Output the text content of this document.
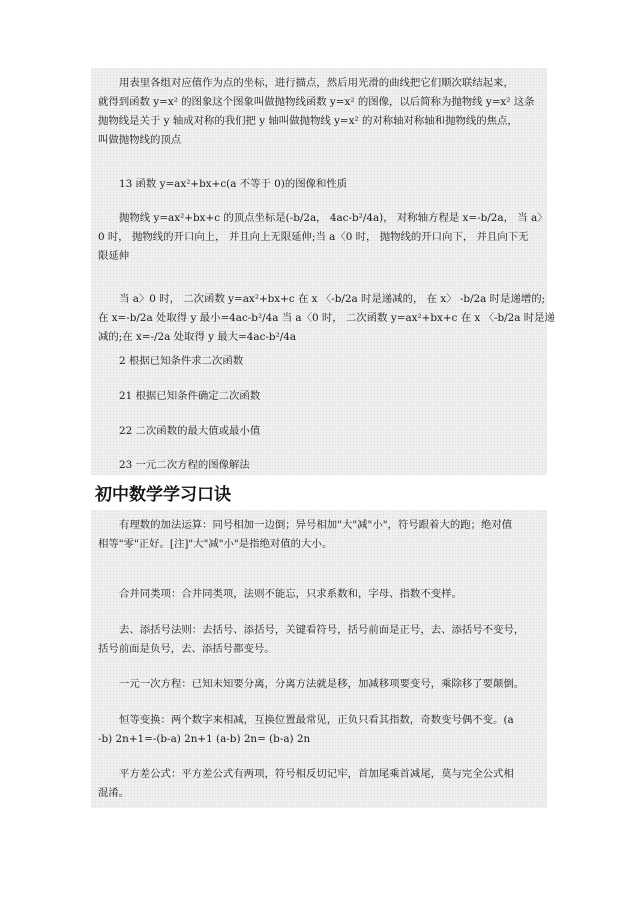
用表里各组对应值作为点的坐标，进行描点，然后用光滑的曲线把它们顺次联结起来，
就得到函数 y=x² 的图象这个图象叫做抛物线函数 y=x² 的图像，以后简称为抛物线 y=x² 这条
抛物线是关于 y 轴成对称的我们把 y 轴叫做抛物线 y=x² 的对称轴对称轴和抛物线的焦点，
叫做抛物线的顶点

13 函数 y=ax²+bx+c(a 不等于 0)的图像和性质

抛物线 y=ax²+bx+c 的顶点坐标是(-b/2a， 4ac-b²/4a)， 对称轴方程是 x=-b/2a， 当 a〉
0 时， 抛物线的开口向上， 并且向上无限延伸;当 a〈0 时， 抛物线的开口向下， 并且向下无
限延伸

当 a〉0 时， 二次函数 y=ax²+bx+c 在 x 〈-b/2a 时是递减的， 在 x〉 -b/2a 时是递增的;
在 x=-b/2a 处取得 y 最小=4ac-b²/4a 当 a〈0 时， 二次函数 y=ax²+bx+c 在 x 〈-b/2a 时是递
减的;在 x=-/2a 处取得 y 最大=4ac-b²/4a

2 根据已知条件求二次函数

21 根据已知条件确定二次函数

22 二次函数的最大值或最小值

23 一元二次方程的图像解法

初中数学学习口诀

有理数的加法运算：同号相加一边倒；异号相加"大"减"小"，符号跟着大的跑；绝对值
相等"零"正好。[注]"大"减"小"是指绝对值的大小。

合并同类项：合并同类项，法则不能忘，只求系数和，字母、指数不变样。

去、添括号法则：去括号、添括号，关键看符号，括号前面是正号，去、添括号不变号，
括号前面是负号，去、添括号都变号。

一元一次方程：已知未知要分离，分离方法就是移，加减移项要变号，乘除移了要颠倒。

恒等变换：两个数字来相减，互换位置最常见，正负只看其指数，奇数变号偶不变。(a
-b) 2n+1=-(b-a) 2n+1 (a-b) 2n= (b-a) 2n

平方差公式：平方差公式有两项，符号相反切记牢，首加尾乘首减尾，莫与完全公式相
混淆。
